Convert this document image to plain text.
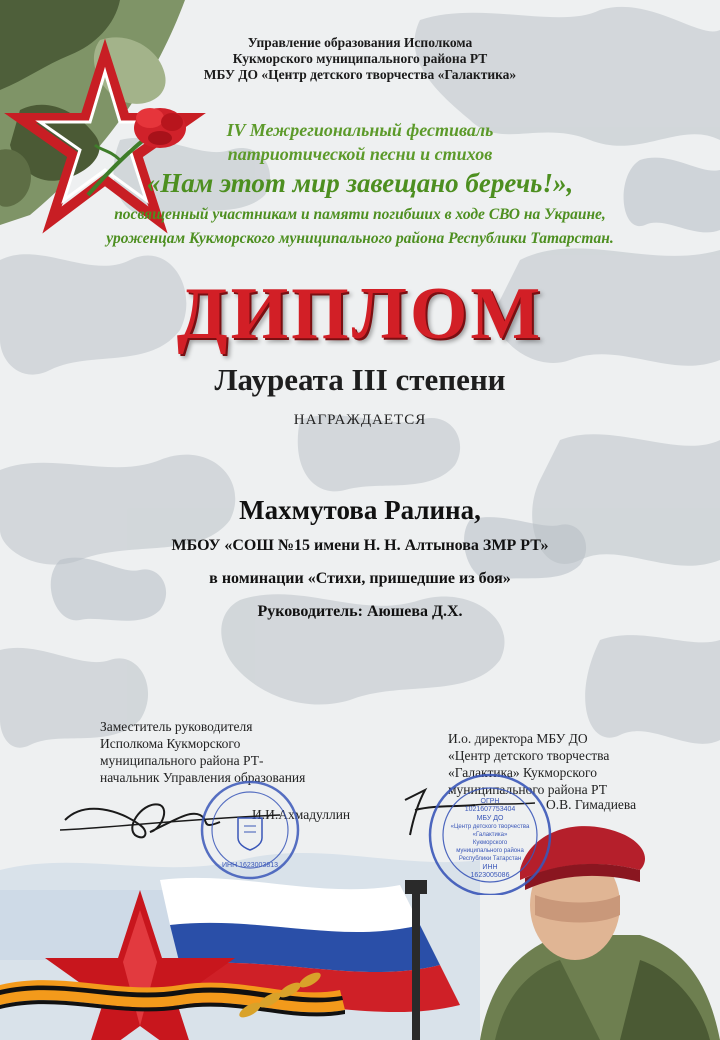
Управление образования Исполкома
Кукморского муниципального района РТ
МБУ ДО «Центр детского творчества «Галактика»
IV Межрегиональный фестиваль
патриотической песни и стихов
«Нам этот мир завещано беречь!»,
посвященный участникам и памяти погибших в ходе СВО на Украине,
уроженцам Кукморского муниципального района Республики Татарстан.
ДИПЛОМ
Лауреата III степени
НАГРАЖДАЕТСЯ
Махмутова Ралина,
МБОУ «СОШ №15 имени Н. Н. Алтынова ЗМР РТ»
в номинации «Стихи, пришедшие из боя»
Руководитель: Аюшева Д.Х.
Заместитель руководителя
Исполкома Кукморского
муниципального района РТ-
начальник Управления образования
И.И.Ахмадуллин
И.о. директора МБУ ДО
«Центр детского творчества
«Галактика» Кукморского
муниципального района РТ
О.В. Гимадиева
ИНН 1623003813
ОГРН
1021607753404
МБУ ДО
«Центр детского творчества
«Галактика»
Кукморского
муниципального района
Республики Татарстан
ИНН
1623005086
